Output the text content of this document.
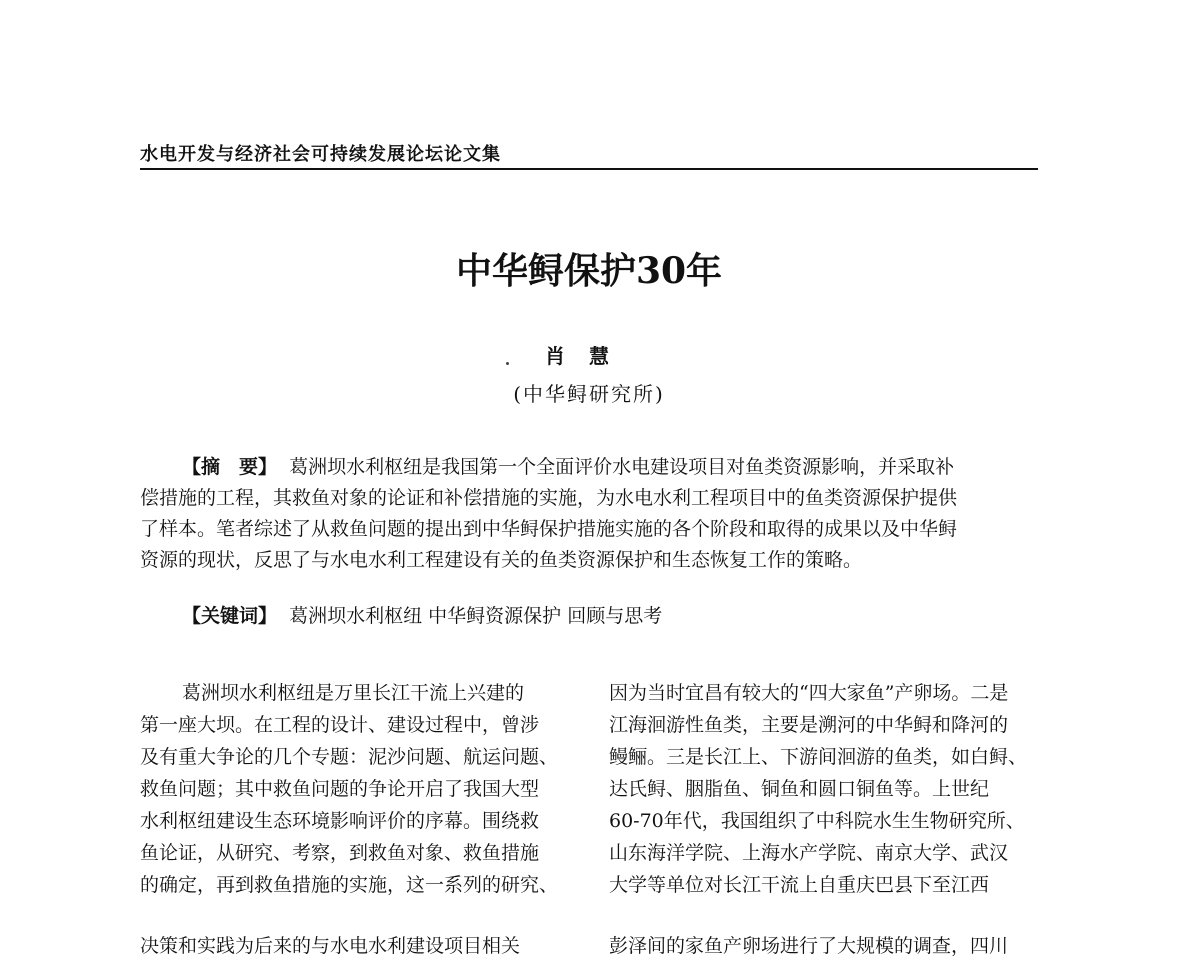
水电开发与经济社会可持续发展论坛论文集
中华鲟保护30年
肖慧
(中华鲟研究所)
【摘　要】 葛洲坝水利枢纽是我国第一个全面评价水电建设项目对鱼类资源影响，并采取补
偿措施的工程，其救鱼对象的论证和补偿措施的实施，为水电水利工程项目中的鱼类资源保护提供
了样本。笔者综述了从救鱼问题的提出到中华鲟保护措施实施的各个阶段和取得的成果以及中华鲟
资源的现状，反思了与水电水利工程建设有关的鱼类资源保护和生态恢复工作的策略。
【关键词】 葛洲坝水利枢纽 中华鲟资源保护 回顾与思考
葛洲坝水利枢纽是万里长江干流上兴建的
第一座大坝。在工程的设计、建设过程中，曾涉
及有重大争论的几个专题：泥沙问题、航运问题、
救鱼问题；其中救鱼问题的争论开启了我国大型
水利枢纽建设生态环境影响评价的序幕。围绕救
鱼论证，从研究、考察，到救鱼对象、救鱼措施
的确定，再到救鱼措施的实施，这一系列的研究、
决策和实践为后来的与水电水利建设项目相关
因为当时宜昌有较大的“四大家鱼”产卵场。二是
江海洄游性鱼类，主要是溯河的中华鲟和降河的
鳗鲡。三是长江上、下游间洄游的鱼类，如白鲟、
达氏鲟、胭脂鱼、铜鱼和圆口铜鱼等。上世纪
60-70年代，我国组织了中科院水生生物研究所、
山东海洋学院、上海水产学院、南京大学、武汉
大学等单位对长江干流上自重庆巴县下至江西
彭泽间的家鱼产卵场进行了大规模的调查，四川
